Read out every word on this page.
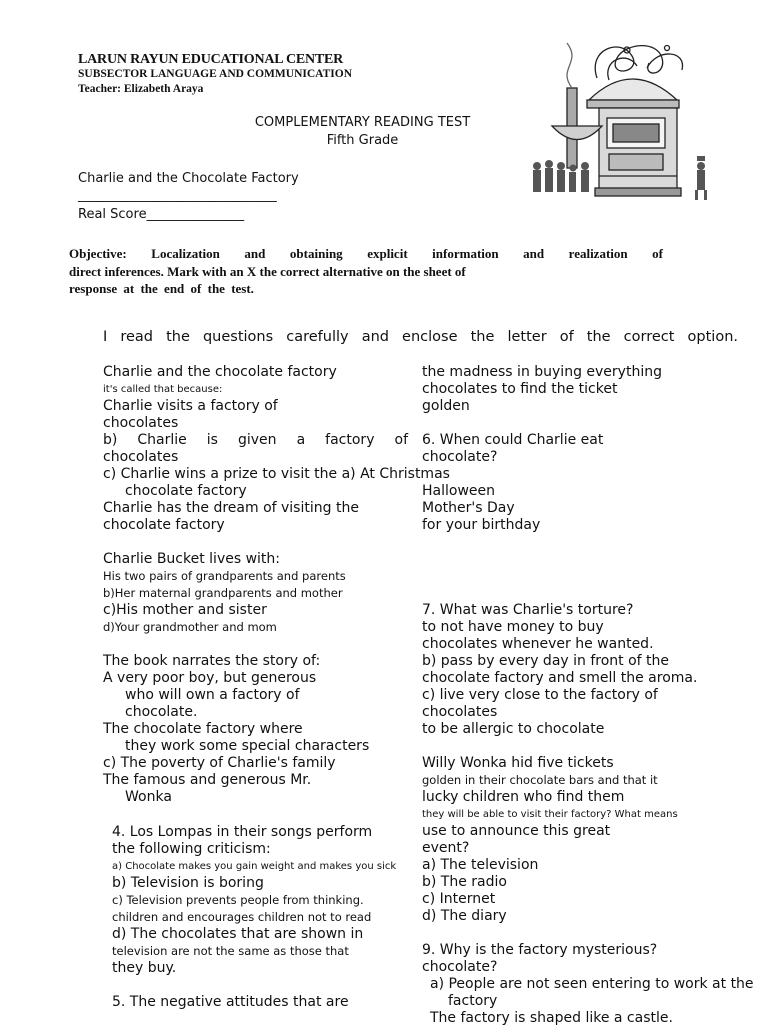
LARUN RAYUN EDUCATIONAL CENTER
SUBSECTOR LANGUAGE AND COMMUNICATION
Teacher: Elizabeth Araya
COMPLEMENTARY READING TEST
Fifth Grade
Charlie and the Chocolate Factory
________________________________
Real Score_______________
Objective: Localization and obtaining explicit information and realization of
direct inferences. Mark with an X the correct alternative on the sheet of
response at the end of the test.
I read the questions carefully and enclose the letter of the correct option.
Charlie and the chocolate factory
it's called that because:
Charlie visits a factory of
chocolates
b) Charlie is given a factory of
chocolates
c) Charlie wins a prize to visit the a) At Christmas
chocolate factory
Charlie has the dream of visiting the
chocolate factory
Charlie Bucket lives with:
His two pairs of grandparents and parents
b)Her maternal grandparents and mother
c)His mother and sister
d)Your grandmother and mom
The book narrates the story of:
A very poor boy, but generous
who will own a factory of
chocolate.
The chocolate factory where
they work some special characters
c) The poverty of Charlie's family
The famous and generous Mr.
Wonka
4. Los Lompas in their songs perform
the following criticism:
a) Chocolate makes you gain weight and makes you sick
b) Television is boring
c) Television prevents people from thinking.
children and encourages children not to read
d) The chocolates that are shown in
television are not the same as those that
they buy.
5. The negative attitudes that are
the madness in buying everything
chocolates to find the ticket
golden
6. When could Charlie eat
chocolate?
Halloween
Mother's Day
for your birthday
7. What was Charlie's torture?
to not have money to buy
chocolates whenever he wanted.
b) pass by every day in front of the
chocolate factory and smell the aroma.
c) live very close to the factory of
chocolates
to be allergic to chocolate
Willy Wonka hid five tickets
golden in their chocolate bars and that it
lucky children who find them
they will be able to visit their factory? What means
use to announce this great
event?
a) The television
b) The radio
c) Internet
d) The diary
9. Why is the factory mysterious?
chocolate?
a) People are not seen entering to work at the
factory
The factory is shaped like a castle.
